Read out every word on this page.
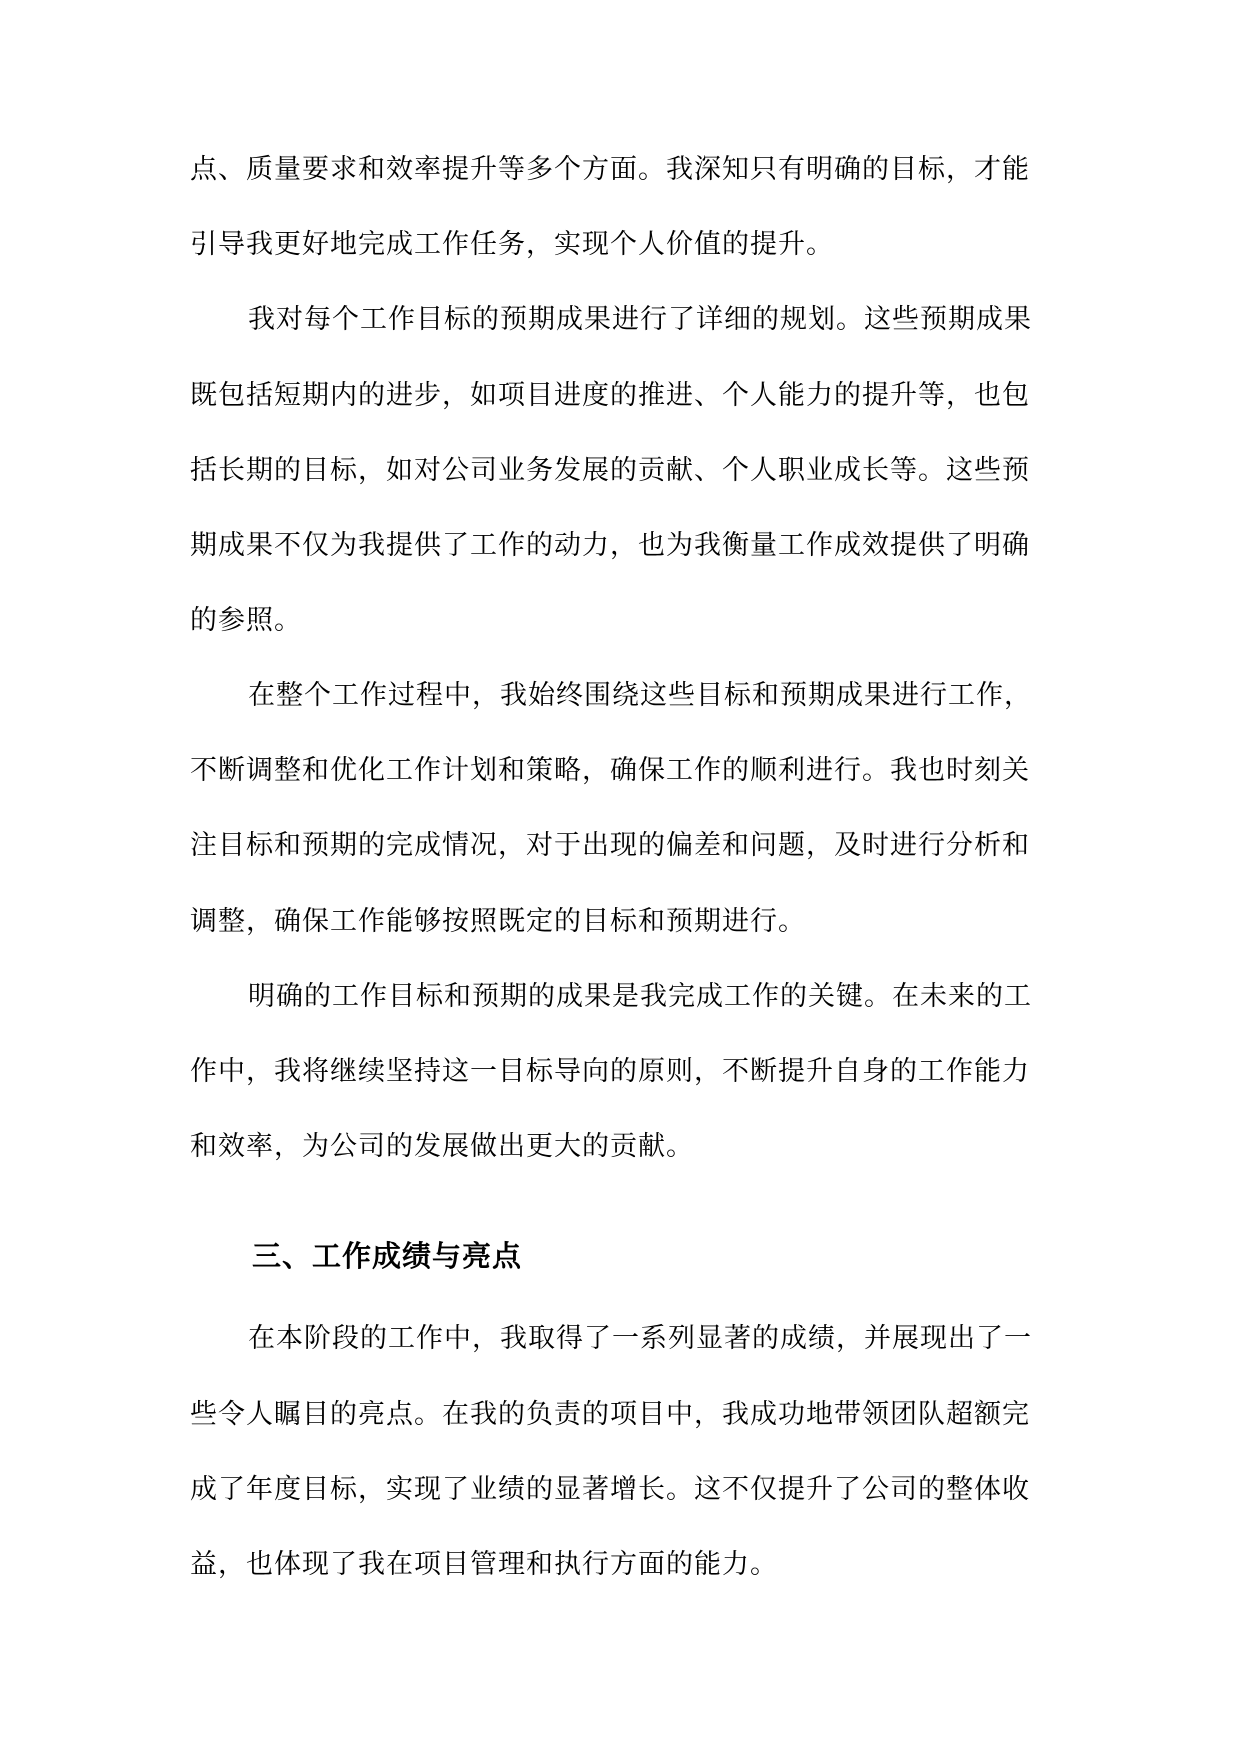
点、质量要求和效率提升等多个方面。我深知只有明确的目标，才能
引导我更好地完成工作任务，实现个人价值的提升。
我对每个工作目标的预期成果进行了详细的规划。这些预期成果
既包括短期内的进步，如项目进度的推进、个人能力的提升等，也包
括长期的目标，如对公司业务发展的贡献、个人职业成长等。这些预
期成果不仅为我提供了工作的动力，也为我衡量工作成效提供了明确
的参照。
在整个工作过程中，我始终围绕这些目标和预期成果进行工作，
不断调整和优化工作计划和策略，确保工作的顺利进行。我也时刻关
注目标和预期的完成情况，对于出现的偏差和问题，及时进行分析和
调整，确保工作能够按照既定的目标和预期进行。
明确的工作目标和预期的成果是我完成工作的关键。在未来的工
作中，我将继续坚持这一目标导向的原则，不断提升自身的工作能力
和效率，为公司的发展做出更大的贡献。
三、工作成绩与亮点
在本阶段的工作中，我取得了一系列显著的成绩，并展现出了一
些令人瞩目的亮点。在我的负责的项目中，我成功地带领团队超额完
成了年度目标，实现了业绩的显著增长。这不仅提升了公司的整体收
益，也体现了我在项目管理和执行方面的能力。
